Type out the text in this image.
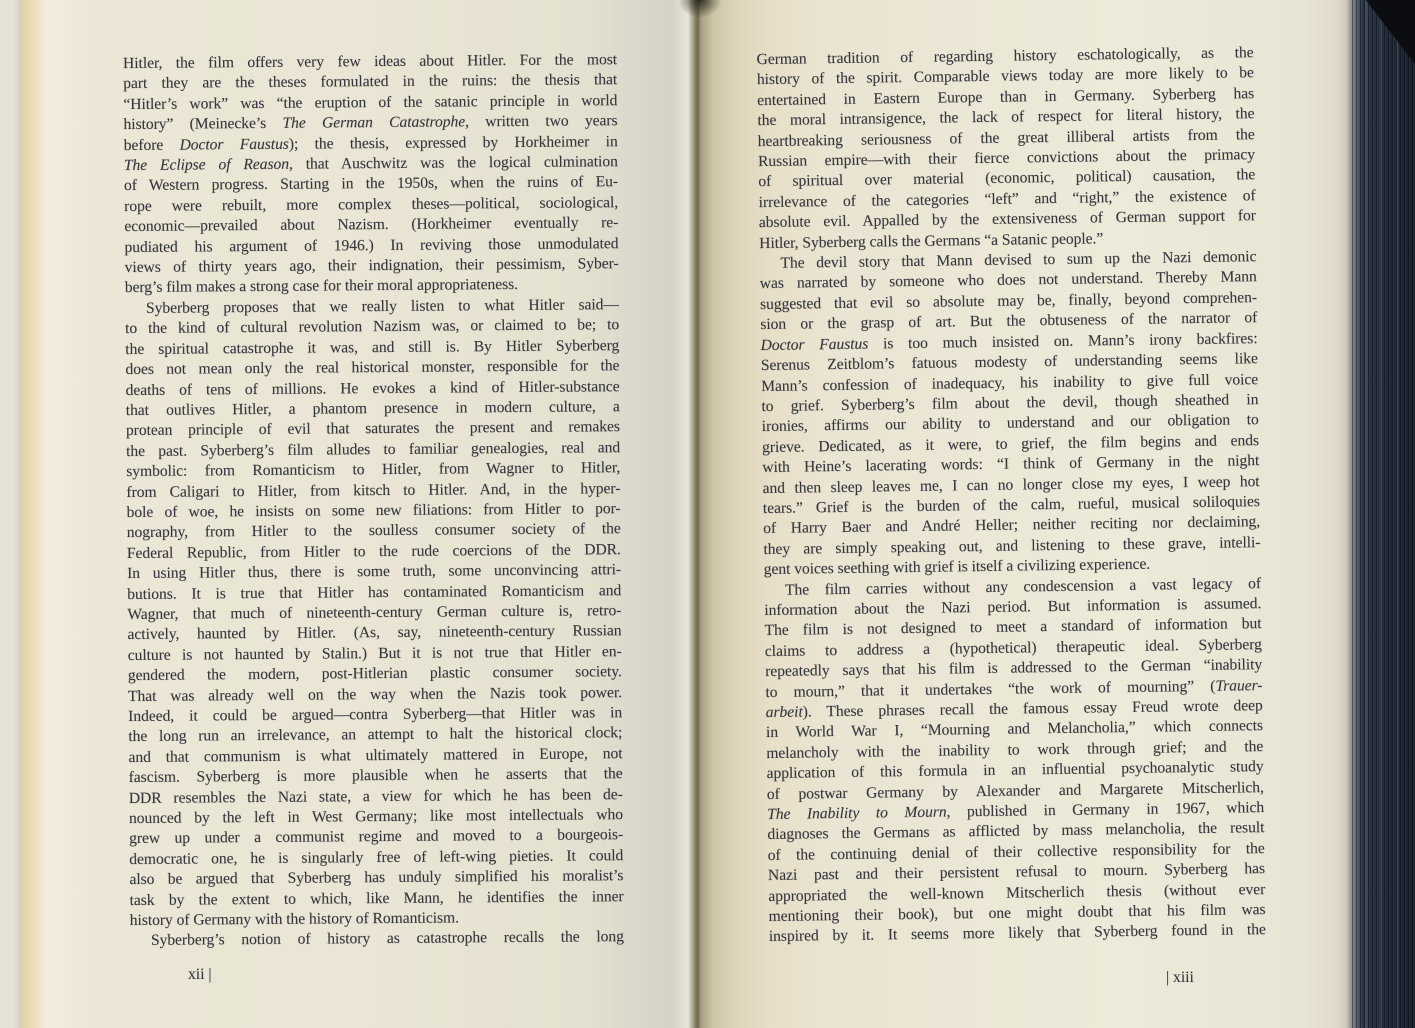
Hitler, the film offers very few ideas about Hitler. For the most
part they are the theses formulated in the ruins: the thesis that
“Hitler’s work” was “the eruption of the satanic principle in world
history” (Meinecke’s The German Catastrophe, written two years
before Doctor Faustus); the thesis, expressed by Horkheimer in
The Eclipse of Reason, that Auschwitz was the logical culmination
of Western progress. Starting in the 1950s, when the ruins of Eu-
rope were rebuilt, more complex theses—political, sociological,
economic—prevailed about Nazism. (Horkheimer eventually re-
pudiated his argument of 1946.) In reviving those unmodulated
views of thirty years ago, their indignation, their pessimism, Syber-
berg’s film makes a strong case for their moral appropriateness.
Syberberg proposes that we really listen to what Hitler said—
to the kind of cultural revolution Nazism was, or claimed to be; to
the spiritual catastrophe it was, and still is. By Hitler Syberberg
does not mean only the real historical monster, responsible for the
deaths of tens of millions. He evokes a kind of Hitler-substance
that outlives Hitler, a phantom presence in modern culture, a
protean principle of evil that saturates the present and remakes
the past. Syberberg’s film alludes to familiar genealogies, real and
symbolic: from Romanticism to Hitler, from Wagner to Hitler,
from Caligari to Hitler, from kitsch to Hitler. And, in the hyper-
bole of woe, he insists on some new filiations: from Hitler to por-
nography, from Hitler to the soulless consumer society of the
Federal Republic, from Hitler to the rude coercions of the DDR.
In using Hitler thus, there is some truth, some unconvincing attri-
butions. It is true that Hitler has contaminated Romanticism and
Wagner, that much of nineteenth-century German culture is, retro-
actively, haunted by Hitler. (As, say, nineteenth-century Russian
culture is not haunted by Stalin.) But it is not true that Hitler en-
gendered the modern, post-Hitlerian plastic consumer society.
That was already well on the way when the Nazis took power.
Indeed, it could be argued—contra Syberberg—that Hitler was in
the long run an irrelevance, an attempt to halt the historical clock;
and that communism is what ultimately mattered in Europe, not
fascism. Syberberg is more plausible when he asserts that the
DDR resembles the Nazi state, a view for which he has been de-
nounced by the left in West Germany; like most intellectuals who
grew up under a communist regime and moved to a bourgeois-
democratic one, he is singularly free of left-wing pieties. It could
also be argued that Syberberg has unduly simplified his moralist’s
task by the extent to which, like Mann, he identifies the inner
history of Germany with the history of Romanticism.
Syberberg’s notion of history as catastrophe recalls the long
xii |
German tradition of regarding history eschatologically, as the
history of the spirit. Comparable views today are more likely to be
entertained in Eastern Europe than in Germany. Syberberg has
the moral intransigence, the lack of respect for literal history, the
heartbreaking seriousness of the great illiberal artists from the
Russian empire—with their fierce convictions about the primacy
of spiritual over material (economic, political) causation, the
irrelevance of the categories “left” and “right,” the existence of
absolute evil. Appalled by the extensiveness of German support for
Hitler, Syberberg calls the Germans “a Satanic people.”
The devil story that Mann devised to sum up the Nazi demonic
was narrated by someone who does not understand. Thereby Mann
suggested that evil so absolute may be, finally, beyond comprehen-
sion or the grasp of art. But the obtuseness of the narrator of
Doctor Faustus is too much insisted on. Mann’s irony backfires:
Serenus Zeitblom’s fatuous modesty of understanding seems like
Mann’s confession of inadequacy, his inability to give full voice
to grief. Syberberg’s film about the devil, though sheathed in
ironies, affirms our ability to understand and our obligation to
grieve. Dedicated, as it were, to grief, the film begins and ends
with Heine’s lacerating words: “I think of Germany in the night
and then sleep leaves me, I can no longer close my eyes, I weep hot
tears.” Grief is the burden of the calm, rueful, musical soliloquies
of Harry Baer and André Heller; neither reciting nor declaiming,
they are simply speaking out, and listening to these grave, intelli-
gent voices seething with grief is itself a civilizing experience.
The film carries without any condescension a vast legacy of
information about the Nazi period. But information is assumed.
The film is not designed to meet a standard of information but
claims to address a (hypothetical) therapeutic ideal. Syberberg
repeatedly says that his film is addressed to the German “inability
to mourn,” that it undertakes “the work of mourning” (Trauer-
arbeit). These phrases recall the famous essay Freud wrote deep
in World War I, “Mourning and Melancholia,” which connects
melancholy with the inability to work through grief; and the
application of this formula in an influential psychoanalytic study
of postwar Germany by Alexander and Margarete Mitscherlich,
The Inability to Mourn, published in Germany in 1967, which
diagnoses the Germans as afflicted by mass melancholia, the result
of the continuing denial of their collective responsibility for the
Nazi past and their persistent refusal to mourn. Syberberg has
appropriated the well-known Mitscherlich thesis (without ever
mentioning their book), but one might doubt that his film was
inspired by it. It seems more likely that Syberberg found in the
| xiii
